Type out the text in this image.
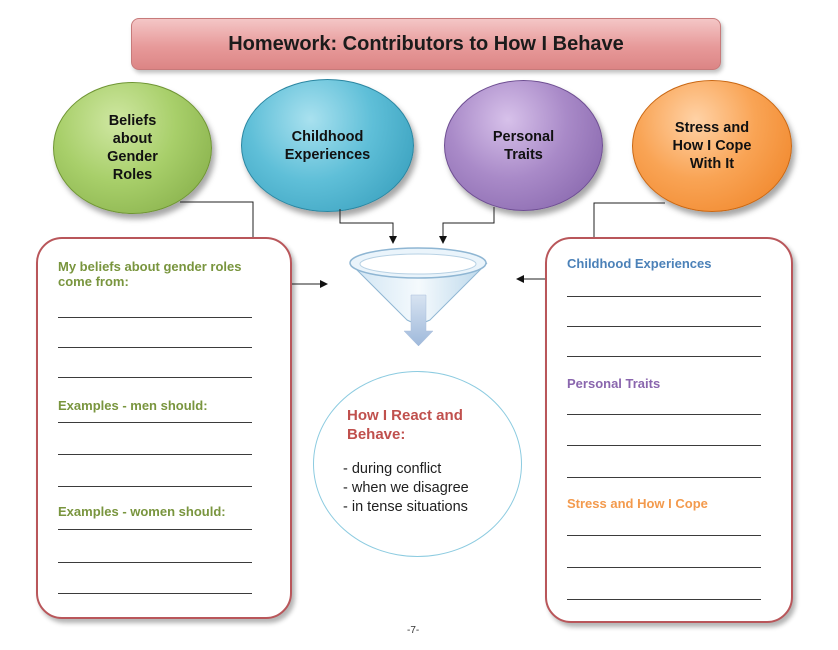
Homework: Contributors to How I Behave
Beliefs
about
Gender
Roles
Childhood
Experiences
Personal
Traits
Stress and
How I Cope
With It
My beliefs about gender roles come from:
Examples - men should:
Examples - women should:
Childhood Experiences
Personal Traits
Stress and How I Cope
How I React and Behave:
- during conflict
- when we disagree
- in tense situations
-7-
